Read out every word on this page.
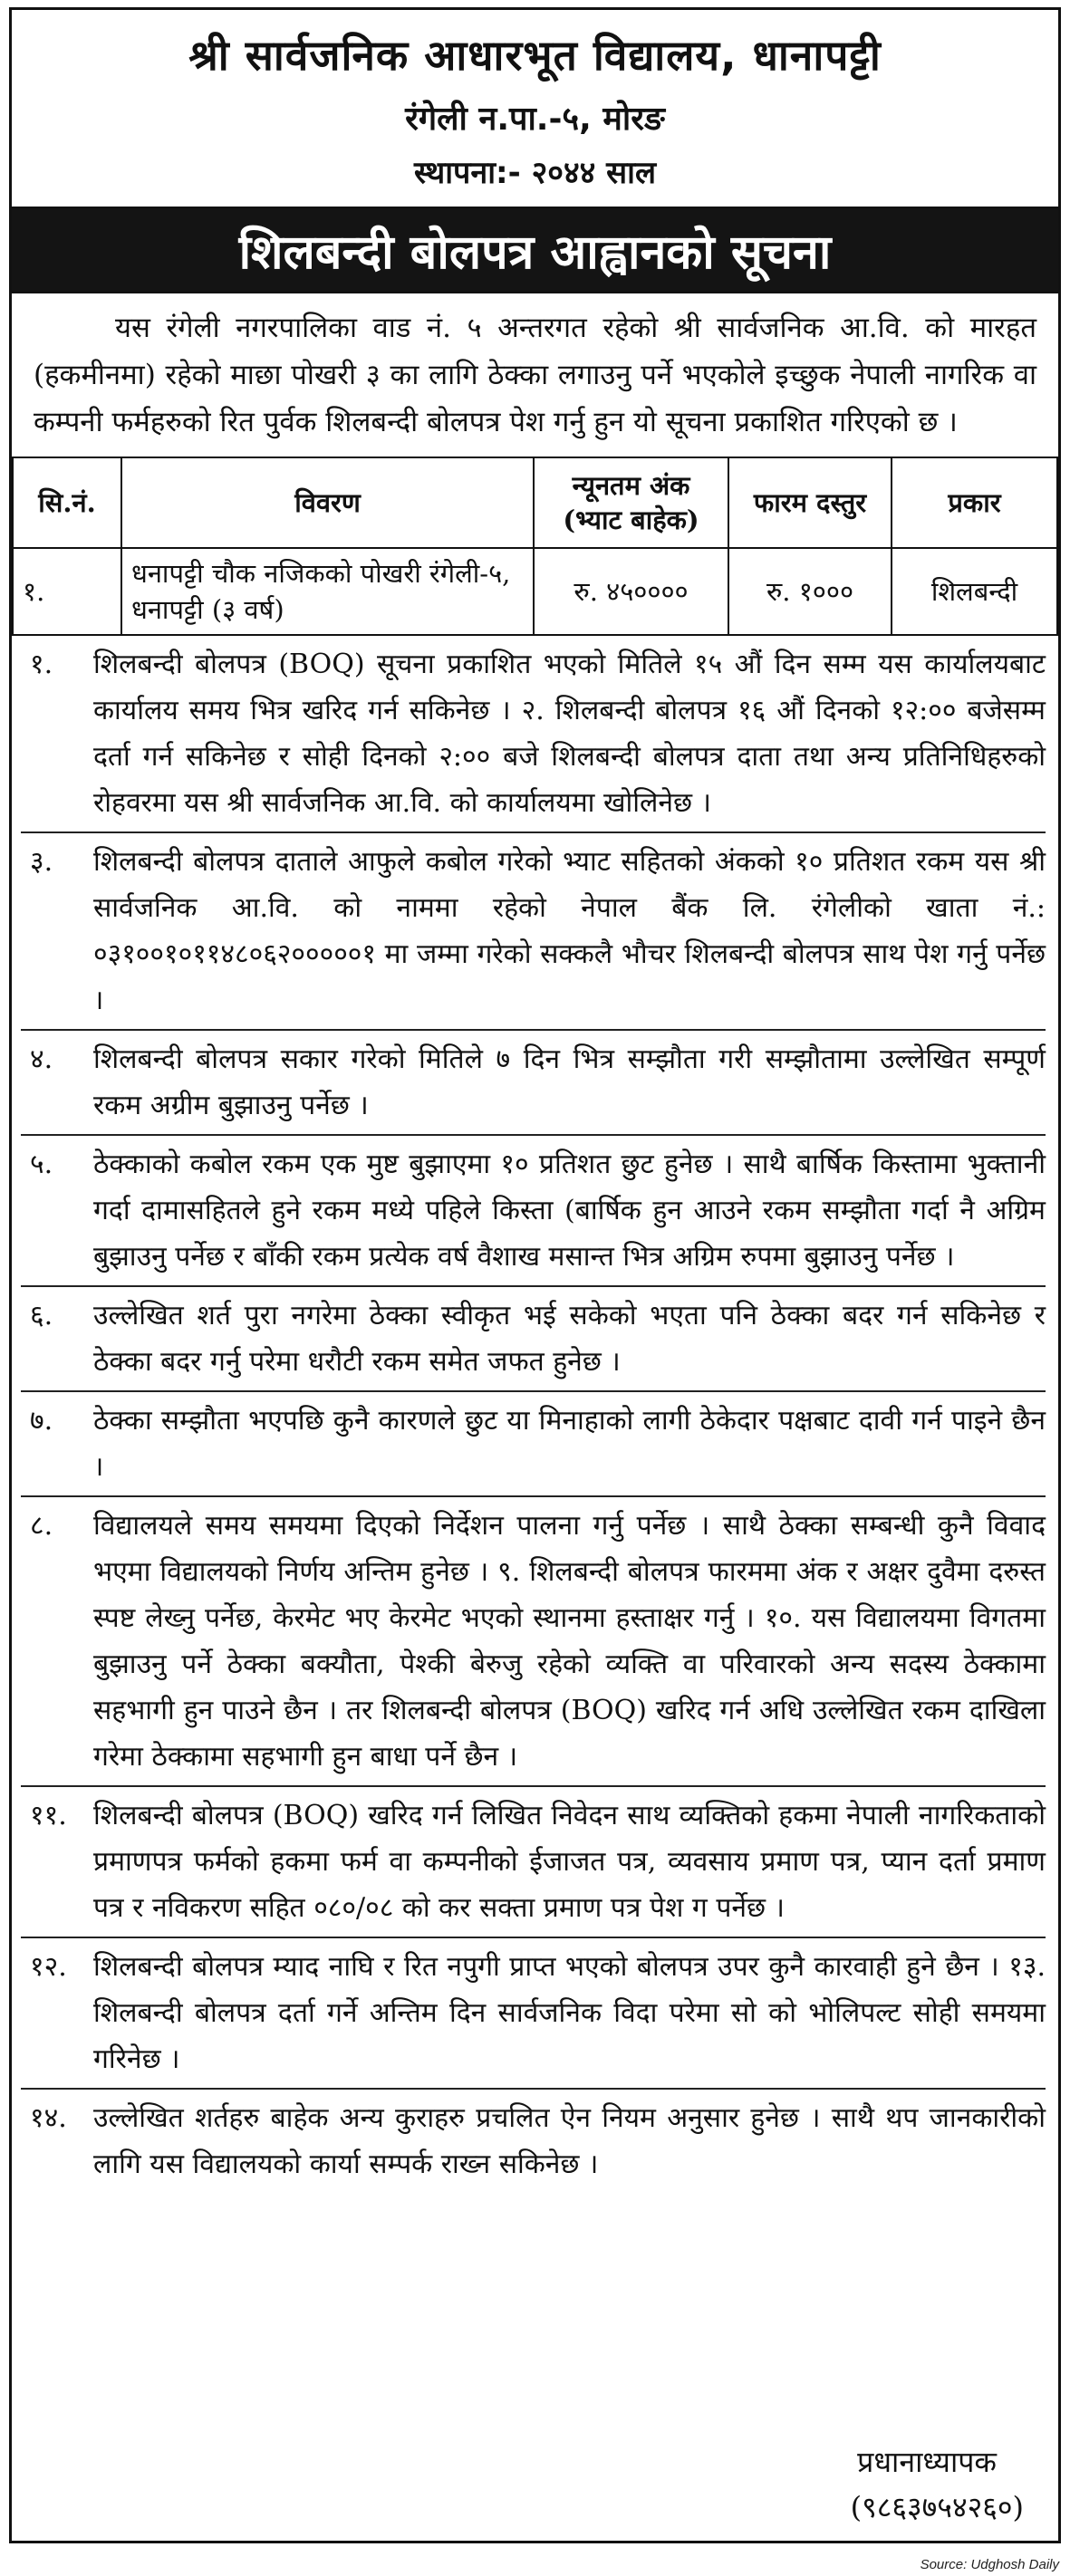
श्री सार्वजनिक आधारभूत विद्यालय, धानापट्टी
रंगेली न.पा.-५, मोरङ
स्थापना:- २०४४ साल
शिलबन्दी बोलपत्र आह्वानको सूचना

यस रंगेली नगरपालिका वाड नं. ५ अन्तरगत रहेको श्री सार्वजनिक आ.वि. को मारहत (हकमीनमा) रहेको माछा पोखरी ३ का लागि ठेक्का लगाउनु पर्ने भएकोले इच्छुक नेपाली नागरिक वा कम्पनी फर्महरुको रित पुर्वक शिलबन्दी बोलपत्र पेश गर्नु हुन यो सूचना प्रकाशित गरिएको छ ।

सि.नं.	विवरण	न्यूनतम अंक (भ्याट बाहेक)	फारम दस्तुर	प्रकार
१.	धनापट्टी चौक नजिकको पोखरी रंगेली-५, धनापट्टी (३ वर्ष)	रु. ४५००००	रु. १०००	शिलबन्दी
१.	शिलबन्दी बोलपत्र (BOQ) सूचना प्रकाशित भएको मितिले १५ औं दिन सम्म यस कार्यालयबाट कार्यालय समय भित्र खरिद गर्न सकिनेछ । २. शिलबन्दी बोलपत्र १६ औं दिनको १२:०० बजेसम्म दर्ता गर्न सकिनेछ र सोही दिनको २:०० बजे शिलबन्दी बोलपत्र दाता तथा अन्य प्रतिनिधिहरुको रोहवरमा यस श्री सार्वजनिक आ.वि. को कार्यालयमा खोलिनेछ ।
३.	शिलबन्दी बोलपत्र दाताले आफुले कबोल गरेको भ्याट सहितको अंकको १० प्रतिशत रकम यस श्री सार्वजनिक आ.वि. को नाममा रहेको नेपाल बैंक लि. रंगेलीको खाता नं.: ०३१००१०११४८०६२०००००१ मा जम्मा गरेको सक्कलै भौचर शिलबन्दी बोलपत्र साथ पेश गर्नु पर्नेछ ।
४.	शिलबन्दी बोलपत्र सकार गरेको मितिले ७ दिन भित्र सम्झौता गरी सम्झौतामा उल्लेखित सम्पूर्ण रकम अग्रीम बुझाउनु पर्नेछ ।
५.	ठेक्काको कबोल रकम एक मुष्ट बुझाएमा १० प्रतिशत छुट हुनेछ । साथै बार्षिक किस्तामा भुक्तानी गर्दा दामासहितले हुने रकम मध्ये पहिले किस्ता (बार्षिक हुन आउने रकम सम्झौता गर्दा नै अग्रिम बुझाउनु पर्नेछ र बाँकी रकम प्रत्येक वर्ष वैशाख मसान्त भित्र अग्रिम रुपमा बुझाउनु पर्नेछ ।
६.	उल्लेखित शर्त पुरा नगरेमा ठेक्का स्वीकृत भई सकेको भएता पनि ठेक्का बदर गर्न सकिनेछ र ठेक्का बदर गर्नु परेमा धरौटी रकम समेत जफत हुनेछ ।
७.	ठेक्का सम्झौता भएपछि कुनै कारणले छुट या मिनाहाको लागी ठेकेदार पक्षबाट दावी गर्न पाइने छैन ।
८.	विद्यालयले समय समयमा दिएको निर्देशन पालना गर्नु पर्नेछ । साथै ठेक्का सम्बन्धी कुनै विवाद भएमा विद्यालयको निर्णय अन्तिम हुनेछ । ९. शिलबन्दी बोलपत्र फारममा अंक र अक्षर दुवैमा दरुस्त स्पष्ट लेख्नु पर्नेछ, केरमेट भए केरमेट भएको स्थानमा हस्ताक्षर गर्नु । १०. यस विद्यालयमा विगतमा बुझाउनु पर्ने ठेक्का बक्यौता, पेश्की बेरुजु रहेको व्यक्ति वा परिवारको अन्य सदस्य ठेक्कामा सहभागी हुन पाउने छैन । तर शिलबन्दी बोलपत्र (BOQ) खरिद गर्न अधि उल्लेखित रकम दाखिला गरेमा ठेक्कामा सहभागी हुन बाधा पर्ने छैन ।
११. शिलबन्दी बोलपत्र (BOQ) खरिद गर्न लिखित निवेदन साथ व्यक्तिको हकमा नेपाली नागरिकताको प्रमाणपत्र फर्मको हकमा फर्म वा कम्पनीको ईजाजत पत्र, व्यवसाय प्रमाण पत्र, प्यान दर्ता प्रमाण पत्र र नविकरण सहित ०८०/०८ को कर सक्ता प्रमाण पत्र पेश ग पर्नेछ ।
१२. शिलबन्दी बोलपत्र म्याद नाघि र रित नपुगी प्राप्त भएको बोलपत्र उपर कुनै कारवाही हुने छैन । १३. शिलबन्दी बोलपत्र दर्ता गर्ने अन्तिम दिन सार्वजनिक विदा परेमा सो को भोलिपल्ट सोही समयमा गरिनेछ ।
१४. उल्लेखित शर्तहरु बाहेक अन्य कुराहरु प्रचलित ऐन नियम अनुसार हुनेछ । साथै थप जानकारीको लागि यस विद्यालयको कार्या सम्पर्क राख्न सकिनेछ ।
प्रधानाध्यापक
(९८६३७५४२६०)
Source: Udghosh Daily
